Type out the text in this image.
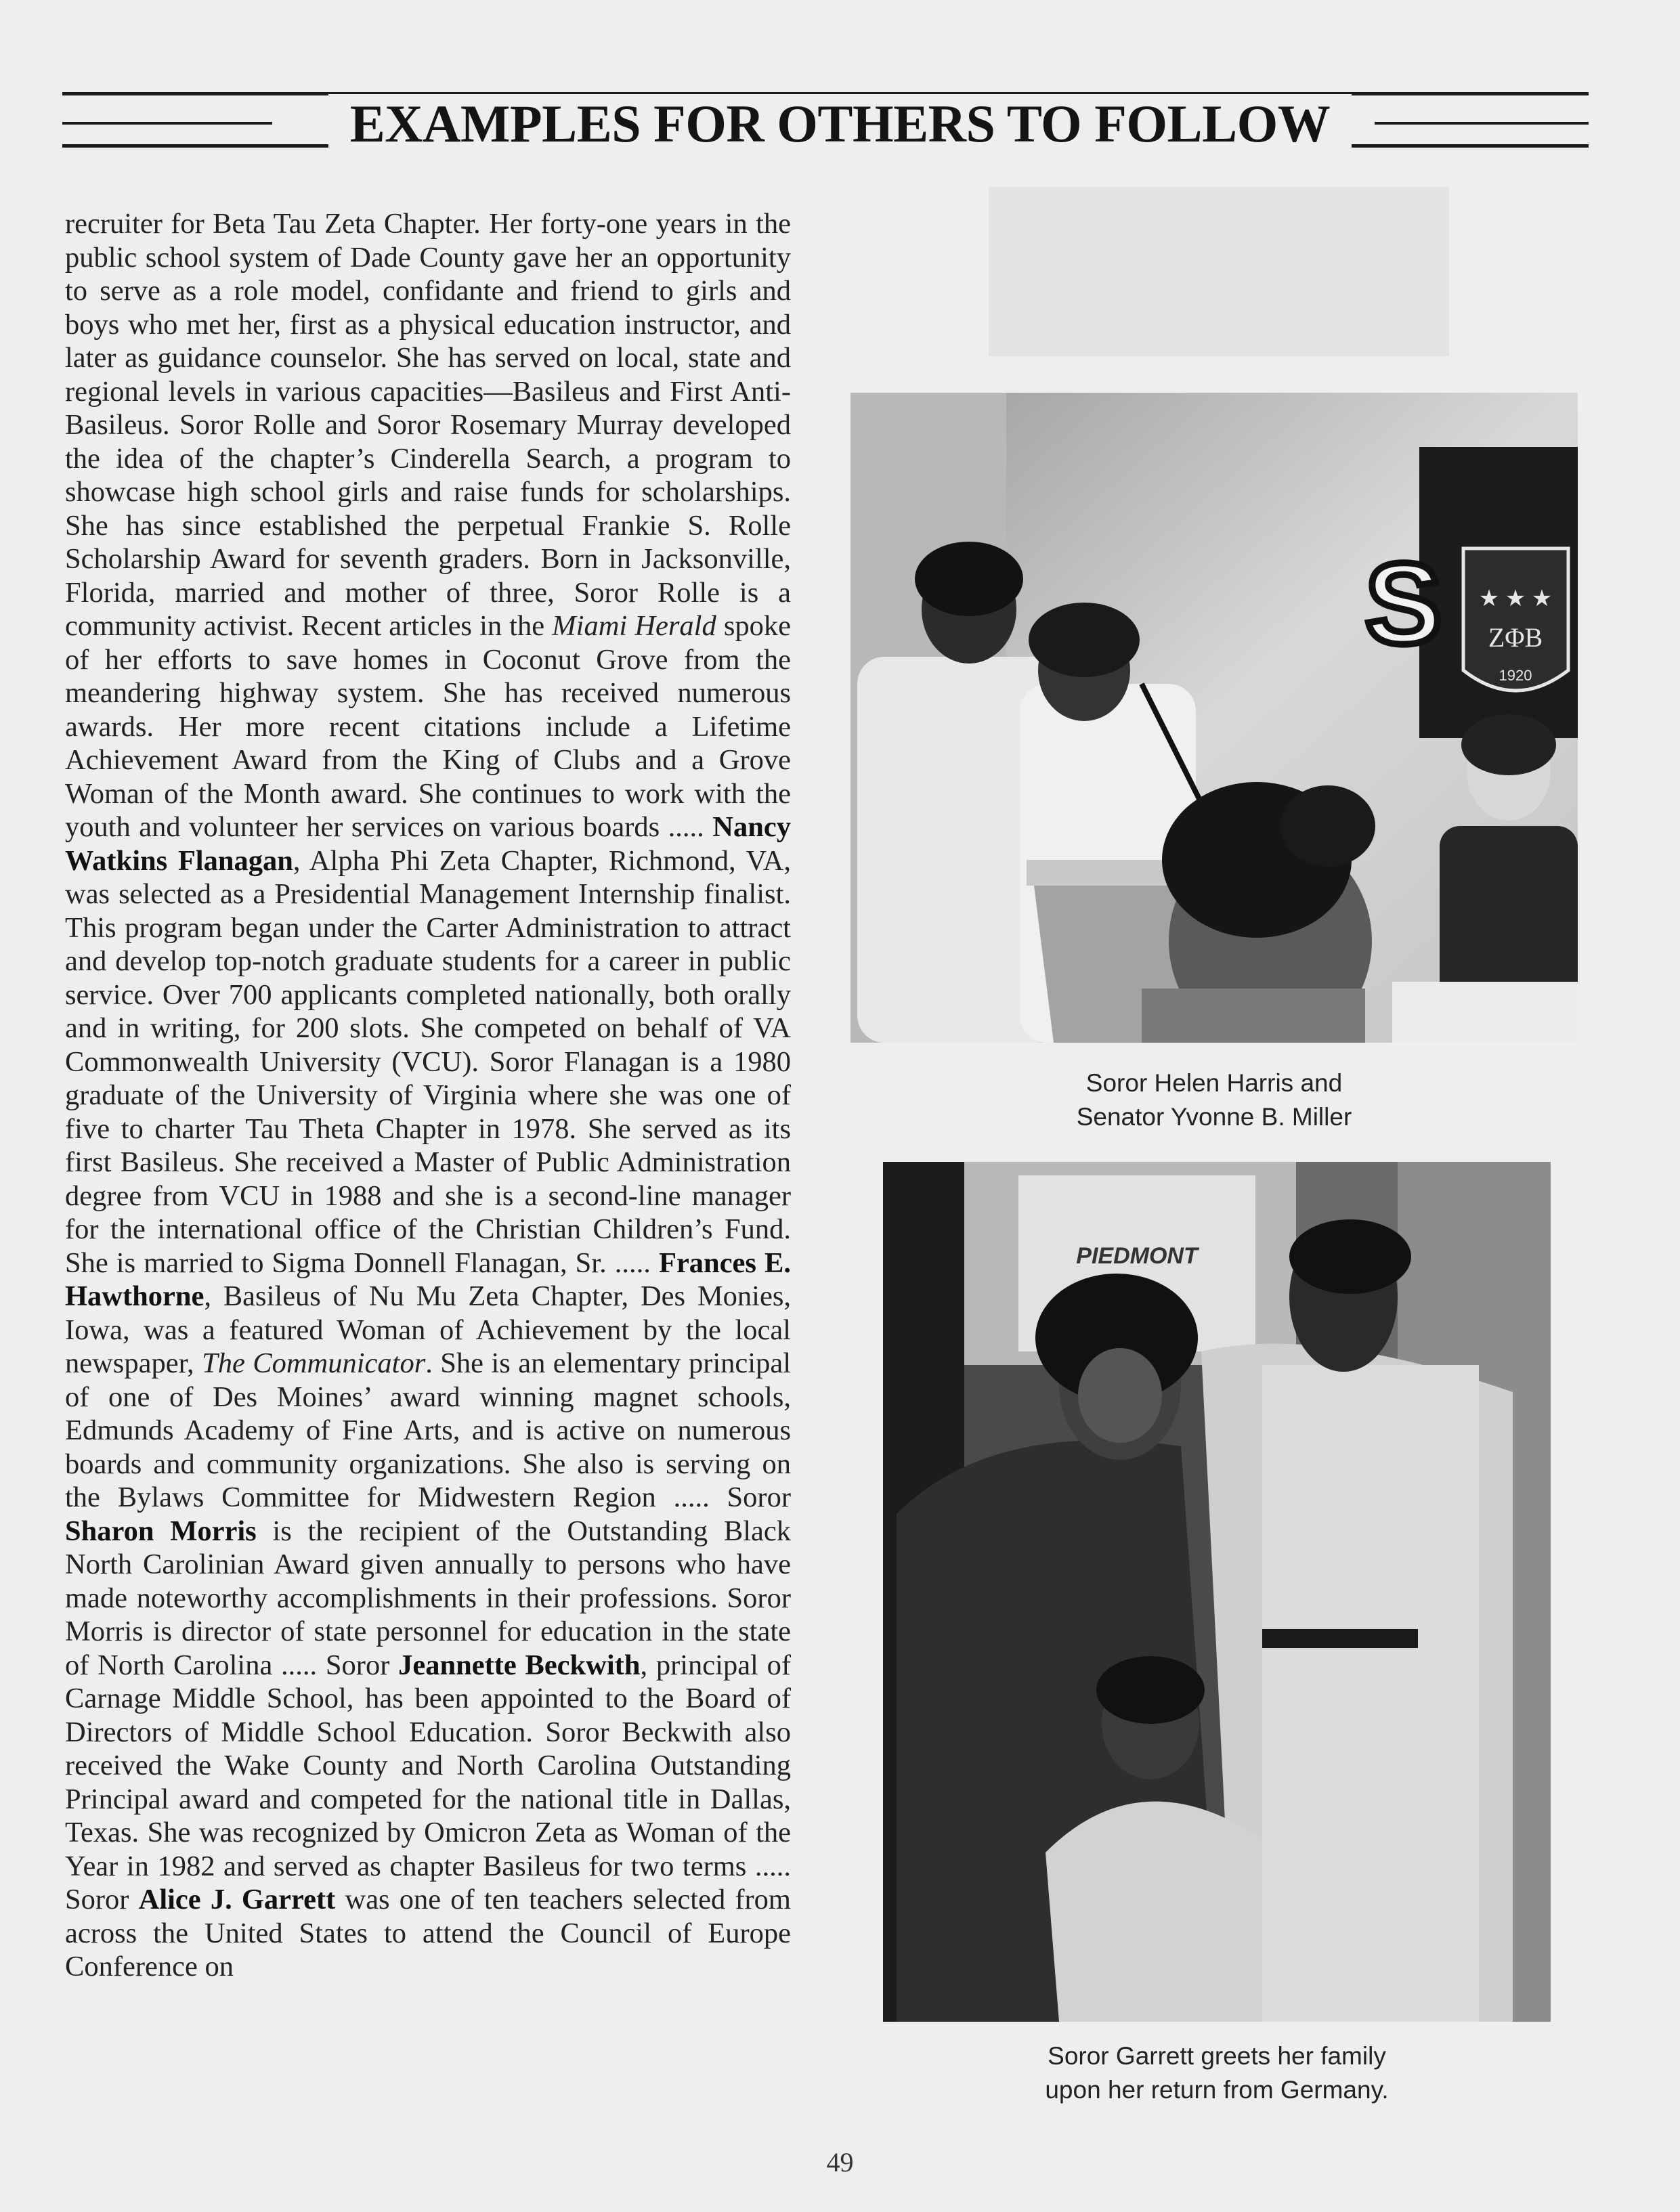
EXAMPLES FOR OTHERS TO FOLLOW

recruiter for Beta Tau Zeta Chapter. Her forty-one years in the public school system of Dade County gave her an opportunity to serve as a role model, confidante and friend to girls and boys who met her, first as a physical education instructor, and later as guidance counselor. She has served on local, state and regional levels in various capacities—Basileus and First Anti-Basileus. Soror Rolle and Soror Rosemary Murray developed the idea of the chapter’s Cinderella Search, a program to showcase high school girls and raise funds for scholarships. She has since established the perpetual Frankie S. Rolle Scholarship Award for seventh graders. Born in Jacksonville, Florida, married and mother of three, Soror Rolle is a community activist. Recent articles in the Miami Herald spoke of her efforts to save homes in Coconut Grove from the meandering highway system. She has received numerous awards. Her more recent citations include a Lifetime Achievement Award from the King of Clubs and a Grove Woman of the Month award. She continues to work with the youth and volunteer her services on various boards ..... Nancy Watkins Flanagan, Alpha Phi Zeta Chapter, Richmond, VA, was selected as a Presidential Management Internship finalist. This program began under the Carter Administration to attract and develop top-notch graduate students for a career in public service. Over 700 applicants completed nationally, both orally and in writing, for 200 slots. She competed on behalf of VA Commonwealth University (VCU). Soror Flanagan is a 1980 graduate of the University of Virginia where she was one of five to charter Tau Theta Chapter in 1978. She served as its first Basileus. She received a Master of Public Administration degree from VCU in 1988 and she is a second-line manager for the international office of the Christian Children’s Fund. She is married to Sigma Donnell Flanagan, Sr. ..... Frances E. Hawthorne, Basileus of Nu Mu Zeta Chapter, Des Monies, Iowa, was a featured Woman of Achievement by the local newspaper, The Communicator. She is an elementary principal of one of Des Moines’ award winning magnet schools, Edmunds Academy of Fine Arts, and is active on numerous boards and community organizations. She also is serving on the Bylaws Committee for Midwestern Region ..... Soror Sharon Morris is the recipient of the Outstanding Black North Carolinian Award given annually to persons who have made noteworthy accomplishments in their professions. Soror Morris is director of state personnel for education in the state of North Carolina ..... Soror Jeannette Beckwith, principal of Carnage Middle School, has been appointed to the Board of Directors of Middle School Education. Soror Beckwith also received the Wake County and North Carolina Outstanding Principal award and competed for the national title in Dallas, Texas. She was recognized by Omicron Zeta as Woman of the Year in 1982 and served as chapter Basileus for two terms ..... Soror Alice J. Garrett was one of ten teachers selected from across the United States to attend the Council of Europe Conference on

★ ★ ★
ΖΦΒ
1920
S
Soror Helen Harris and
Senator Yvonne B. Miller
PIEDMONT
Soror Garrett greets her family
upon her return from Germany.
49
